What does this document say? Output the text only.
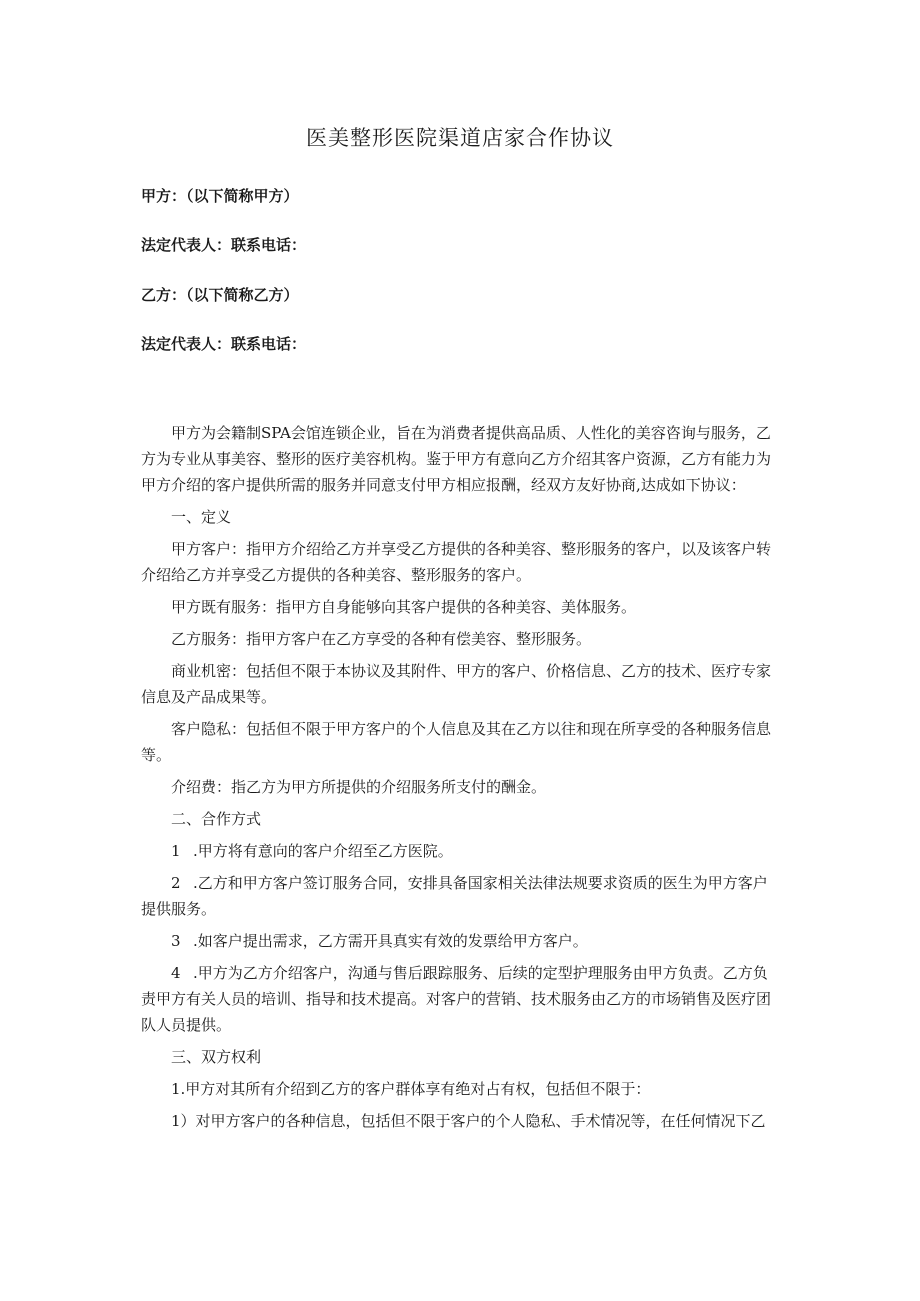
医美整形医院渠道店家合作协议

甲方：（以下简称甲方）

法定代表人：联系电话：

乙方：（以下简称乙方）

法定代表人：联系电话：

甲方为会籍制SPA会馆连锁企业，旨在为消费者提供高品质、人性化的美容咨询与服务，乙方为专业从事美容、整形的医疗美容机构。鉴于甲方有意向乙方介绍其客户资源，乙方有能力为甲方介绍的客户提供所需的服务并同意支付甲方相应报酬，经双方友好协商,达成如下协议：

一、定义

甲方客户：指甲方介绍给乙方并享受乙方提供的各种美容、整形服务的客户，以及该客户转介绍给乙方并享受乙方提供的各种美容、整形服务的客户。

甲方既有服务：指甲方自身能够向其客户提供的各种美容、美体服务。

乙方服务：指甲方客户在乙方享受的各种有偿美容、整形服务。

商业机密：包括但不限于本协议及其附件、甲方的客户、价格信息、乙方的技术、医疗专家信息及产品成果等。

客户隐私：包括但不限于甲方客户的个人信息及其在乙方以往和现在所享受的各种服务信息等。

介绍费：指乙方为甲方所提供的介绍服务所支付的酬金。

二、合作方式

1 .甲方将有意向的客户介绍至乙方医院。

2 .乙方和甲方客户签订服务合同，安排具备国家相关法律法规要求资质的医生为甲方客户提供服务。

3 .如客户提出需求，乙方需开具真实有效的发票给甲方客户。

4 .甲方为乙方介绍客户，沟通与售后跟踪服务、后续的定型护理服务由甲方负责。乙方负责甲方有关人员的培训、指导和技术提高。对客户的营销、技术服务由乙方的市场销售及医疗团队人员提供。

三、双方权利

1.甲方对其所有介绍到乙方的客户群体享有绝对占有权，包括但不限于：

1）对甲方客户的各种信息，包括但不限于客户的个人隐私、手术情况等，在任何情况下乙
